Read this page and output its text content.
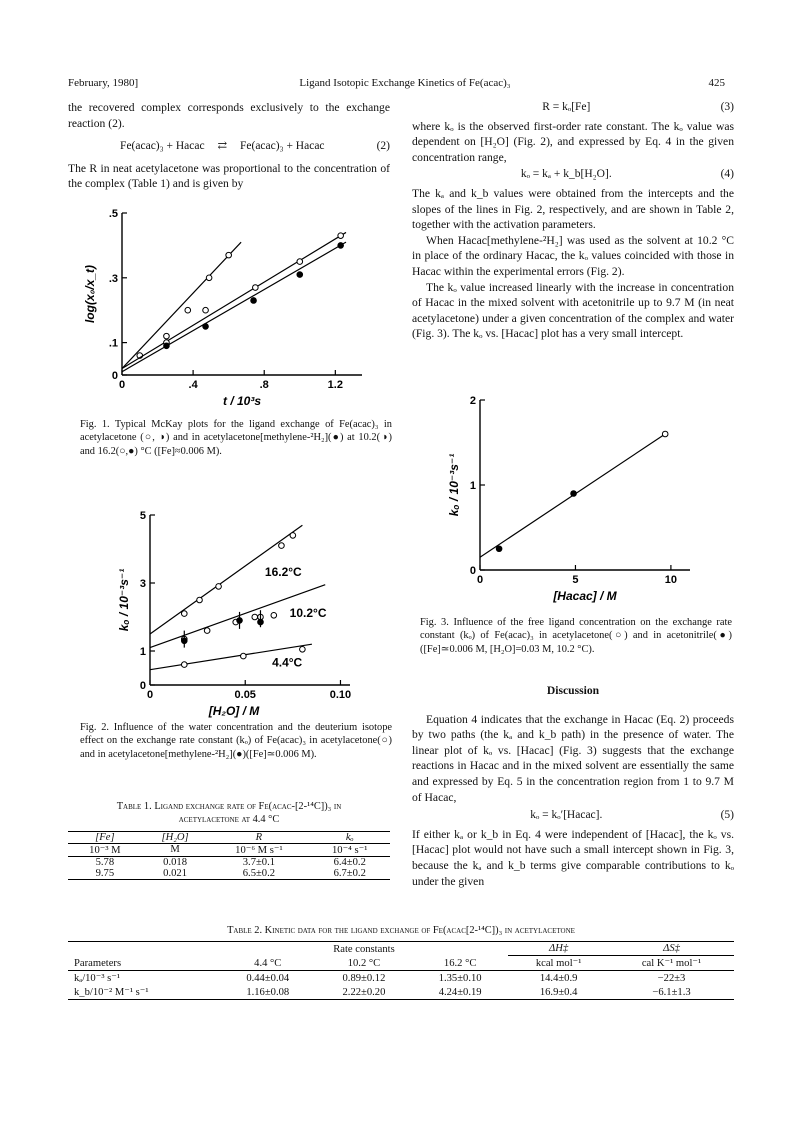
February, 1980]	Ligand Isotopic Exchange Kinetics of Fe(acac)₃	425

the recovered complex corresponds exclusively to the exchange reaction (2).

Fe(acac)₃ + Hacac ⇄ Fe(acac)₃ + Hacac	(2)

The R in neat acetylacetone was proportional to the concentration of the complex (Table 1) and is given by

0	.4	.8	1.2
0
.1
.3
.5
t / 10³s
log(x₀/x_t)
Fig. 1. Typical McKay plots for the ligand exchange of Fe(acac)₃ in acetylacetone (○, ◑) and in acetylacetone[methylene-²H₂](●) at 10.2(◑) and 16.2(○,●) °C ([Fe]≈0.006 M).
0	0.05	0.10
0
1
3
5
[H₂O] / M
kₒ / 10⁻³s⁻¹	16.2°C
10.2°C
4.4°C
Fig. 2. Influence of the water concentration and the deuterium isotope effect on the exchange rate constant (kₒ) of Fe(acac)₃ in acetylacetone(○) and in acetylacetone[methylene-²H₂](●)([Fe]≃0.006 M).
Table 1. Ligand exchange rate of Fe(acac-[2-¹⁴C])₃ in acetylacetone at 4.4 °C
[Fe]	[H₂O]	R	kₒ
10⁻³ M	M	10⁻⁶ M s⁻¹	10⁻⁴ s⁻¹
5.78	0.018	3.7±0.1	6.4±0.2
9.75	0.021	6.5±0.2	6.7±0.2
R = kₒ[Fe]	(3)

where kₒ is the observed first-order rate constant. The kₒ value was dependent on [H₂O] (Fig. 2), and expressed by Eq. 4 in the given concentration range,

kₒ = kₐ + k_b[H₂O].	(4)

The kₐ and k_b values were obtained from the intercepts and the slopes of the lines in Fig. 2, respectively, and are shown in Table 2, together with the activation parameters.

When Hacac[methylene-²H₂] was used as the solvent at 10.2 °C in place of the ordinary Hacac, the kₒ values coincided with those in Hacac within the experimental errors (Fig. 2).

The kₒ value increased linearly with the increase in concentration of Hacac in the mixed solvent with acetonitrile up to 9.7 M (in neat acetylacetone) under a given concentration of the complex and water (Fig. 3). The kₒ vs. [Hacac] plot has a very small intercept.

0	5	10
0
1
2
[Hacac] / M
kₒ / 10⁻³s⁻¹
Fig. 3. Influence of the free ligand concentration on the exchange rate constant (kₒ) of Fe(acac)₃ in acetylacetone(○) and in acetonitrile(●)([Fe]≃0.006 M, [H₂O]=0.03 M, 10.2 °C).
Discussion

Equation 4 indicates that the exchange in Hacac (Eq. 2) proceeds by two paths (the kₐ and k_b path) in the presence of water. The linear plot of kₒ vs. [Hacac] (Fig. 3) suggests that the exchange reactions in Hacac and in the mixed solvent are essentially the same and expressed by Eq. 5 in the concentration region from 1 to 9.7 M of Hacac,

kₒ = kₒ′[Hacac].	(5)

If either kₐ or k_b in Eq. 4 were independent of [Hacac], the kₒ vs. [Hacac] plot would not have such a small intercept shown in Fig. 3, because the kₐ and k_b terms give comparable contributions to kₒ under the given

Table 2. Kinetic data for the ligand exchange of Fe(acac[2-¹⁴C])₃ in acetylacetone
	Rate constants			ΔH‡	ΔS‡
Parameters	4.4 °C	10.2 °C	16.2 °C	kcal mol⁻¹	cal K⁻¹ mol⁻¹
kₐ/10⁻³ s⁻¹	0.44±0.04	0.89±0.12	1.35±0.10	14.4±0.9	−22±3
k_b/10⁻² M⁻¹ s⁻¹	1.16±0.08	2.22±0.20	4.24±0.19	16.9±0.4	−6.1±1.3
